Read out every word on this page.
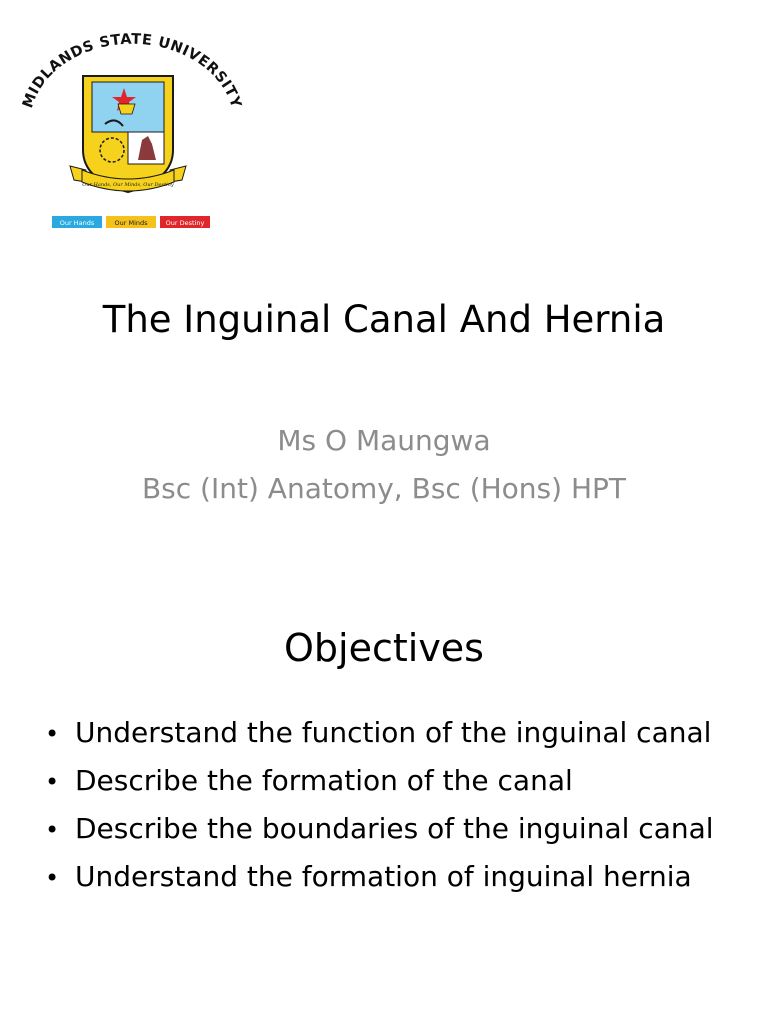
MIDLANDS STATE UNIVERSITY
Our Hands, Our Minds, Our Destiny
Our Hands	Our Minds	Our Destiny
The Inguinal Canal And Hernia
Ms O Maungwa
Bsc (Int) Anatomy, Bsc (Hons) HPT
Objectives
• Understand the function of the inguinal canal
• Describe the formation of the canal
• Describe the boundaries of the inguinal canal
• Understand the formation of inguinal hernia
